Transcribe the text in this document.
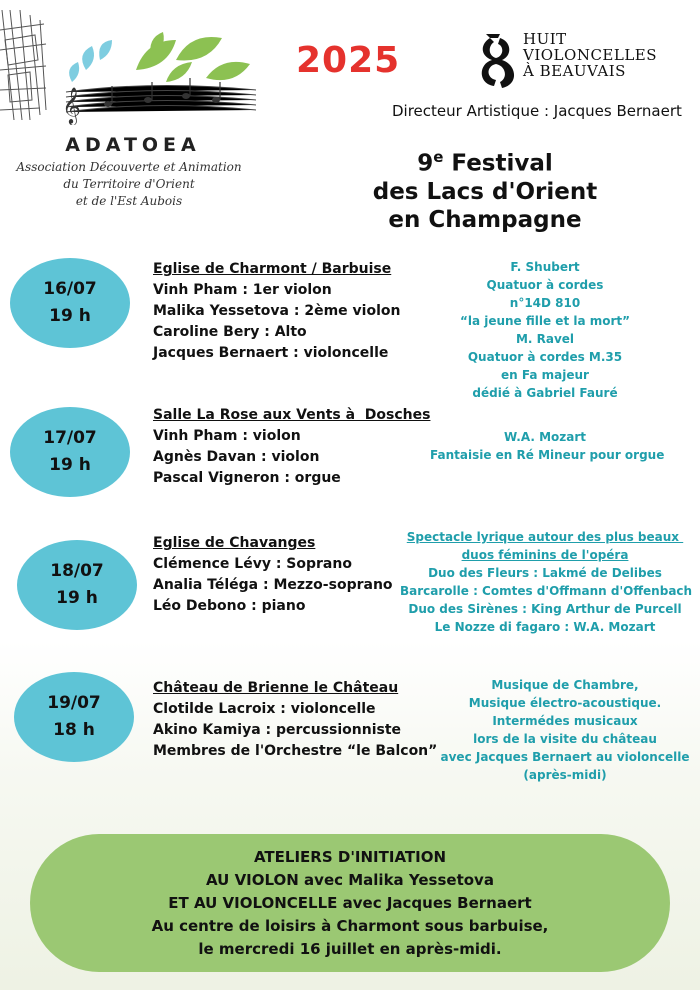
𝄞
ADATOEA
Association Découverte et Animation
du Territoire d'Orient
et de l'Est Aubois
2025
HUIT
VIOLONCELLES
À BEAUVAIS
Directeur Artistique : Jacques Bernaert
9e Festival
des Lacs d'Orient
en Champagne
16/07
19 h
Eglise de Charmont / Barbuise
Vinh Pham : 1er violon
Malika Yessetova : 2ème violon
Caroline Bery : Alto
Jacques Bernaert : violoncelle
F. Shubert
Quatuor à cordes
n°14D 810
“la jeune fille et la mort”
M. Ravel
Quatuor à cordes M.35
en Fa majeur
dédié à Gabriel Fauré
17/07
19 h
Salle La Rose aux Vents à  Dosches
Vinh Pham : violon
Agnès Davan : violon
Pascal Vigneron : orgue
W.A. Mozart
Fantaisie en Ré Mineur pour orgue
18/07
19 h
Eglise de Chavanges
Clémence Lévy : Soprano
Analia Téléga : Mezzo-soprano
Léo Debono : piano
Spectacle lyrique autour des plus beaux
duos féminins de l'opéra
Duo des Fleurs : Lakmé de Delibes
Barcarolle : Comtes d'Offmann d'Offenbach
Duo des Sirènes : King Arthur de Purcell
Le Nozze di fagaro : W.A. Mozart
19/07
18 h
Château de Brienne le Château
Clotilde Lacroix : violoncelle
Akino Kamiya : percussionniste
Membres de l'Orchestre “le Balcon”
Musique de Chambre,
Musique électro-acoustique.
Intermédes musicaux
lors de la visite du château
avec Jacques Bernaert au violoncelle
(après-midi)
ATELIERS D'INITIATION
AU VIOLON avec Malika Yessetova
ET AU VIOLONCELLE avec Jacques Bernaert
Au centre de loisirs à Charmont sous barbuise,
le mercredi 16 juillet en après-midi.
